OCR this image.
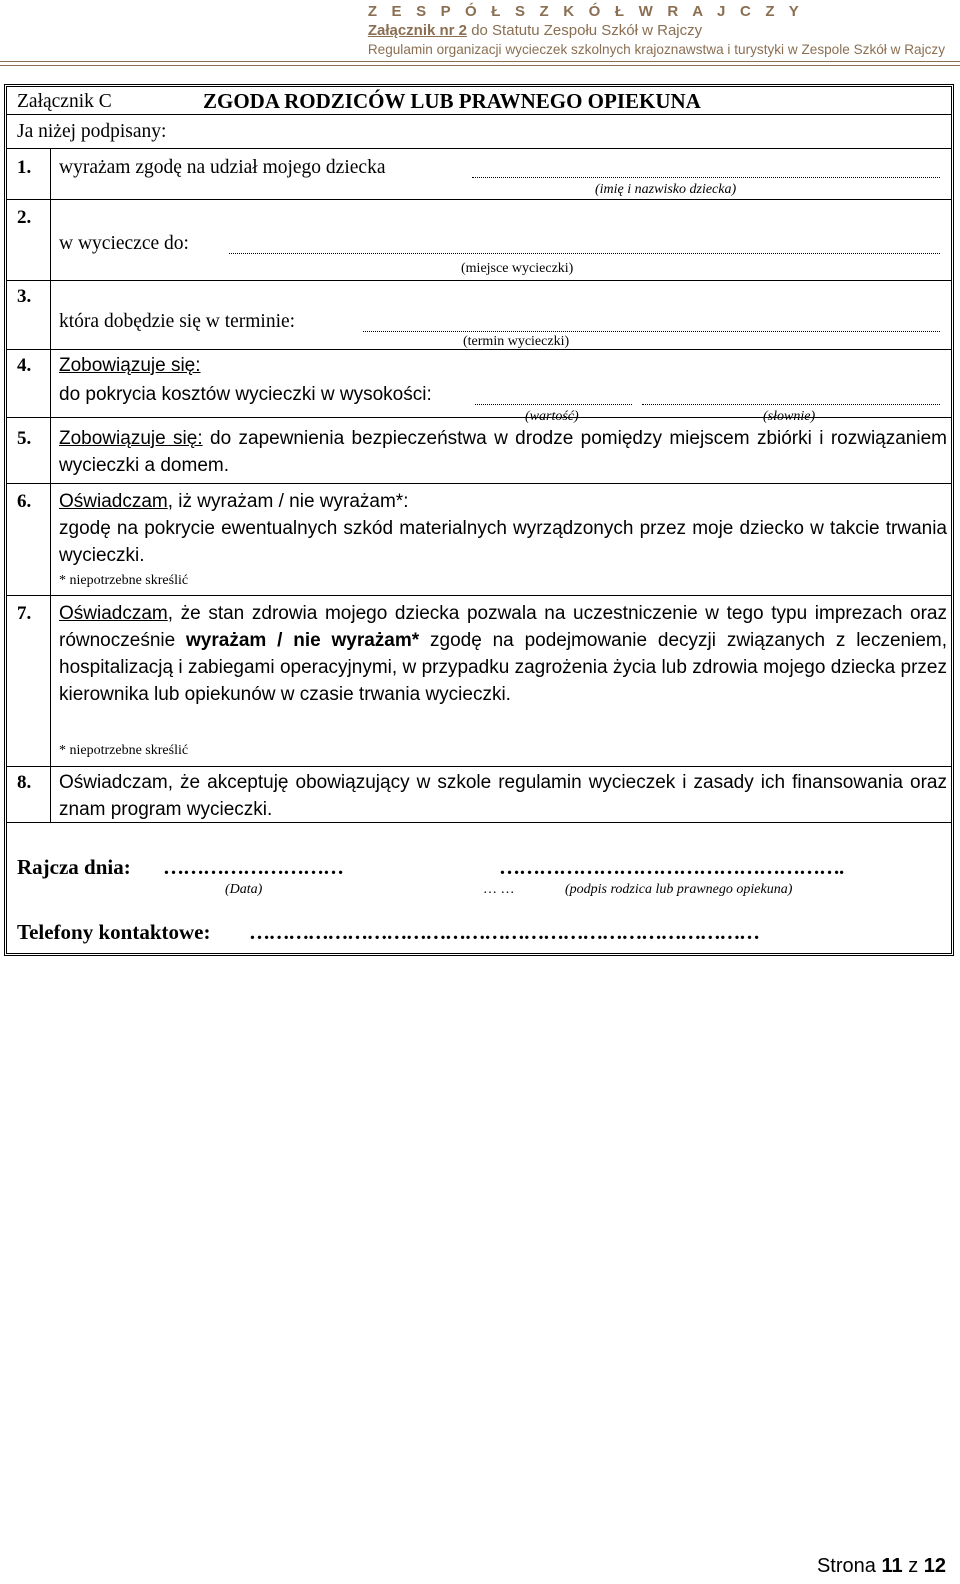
Z E S P Ó Ł S Z K Ó Ł W R A J C Z Y
Załącznik nr 2 do Statutu Zespołu Szkół w Rajczy
Regulamin organizacji wycieczek szkolnych krajoznawstwa i turystyki w Zespole Szkół w Rajczy
Załącznik C	ZGODA RODZICÓW LUB PRAWNEGO OPIEKUNA
Ja niżej podpisany:
1. wyrażam zgodę na udział mojego dziecka
(imię i nazwisko dziecka)
2.
w wycieczce do:
(miejsce wycieczki)
3.
która dobędzie się w terminie:
(termin wycieczki)
4. Zobowiązuje się:
do pokrycia kosztów wycieczki w wysokości:
(wartość)	(słownie)
5. Zobowiązuje się: do zapewnienia bezpieczeństwa w drodze pomiędzy miejscem zbiórki i rozwiązaniem wycieczki a domem.
6. Oświadczam, iż wyrażam / nie wyrażam*:
zgodę na pokrycie ewentualnych szkód materialnych wyrządzonych przez moje dziecko w takcie trwania wycieczki.
* niepotrzebne skreślić
7. Oświadczam, że stan zdrowia mojego dziecka pozwala na uczestniczenie w tego typu imprezach oraz równocześnie wyrażam / nie wyrażam* zgodę na podejmowanie decyzji związanych z leczeniem, hospitalizacją i zabiegami operacyjnymi, w przypadku zagrożenia życia lub zdrowia mojego dziecka przez kierownika lub opiekunów w czasie trwania wycieczki.
* niepotrzebne skreślić
8. Oświadczam, że akceptuję obowiązujący w szkole regulamin wycieczek i zasady ich finansowania oraz znam program wycieczki.
Rajcza dnia: ………………………	…………………………………………….
(Data)	… …	(podpis rodzica lub prawnego opiekuna)
Telefony kontaktowe: ……………………………………………………………………
Strona 11 z 12
